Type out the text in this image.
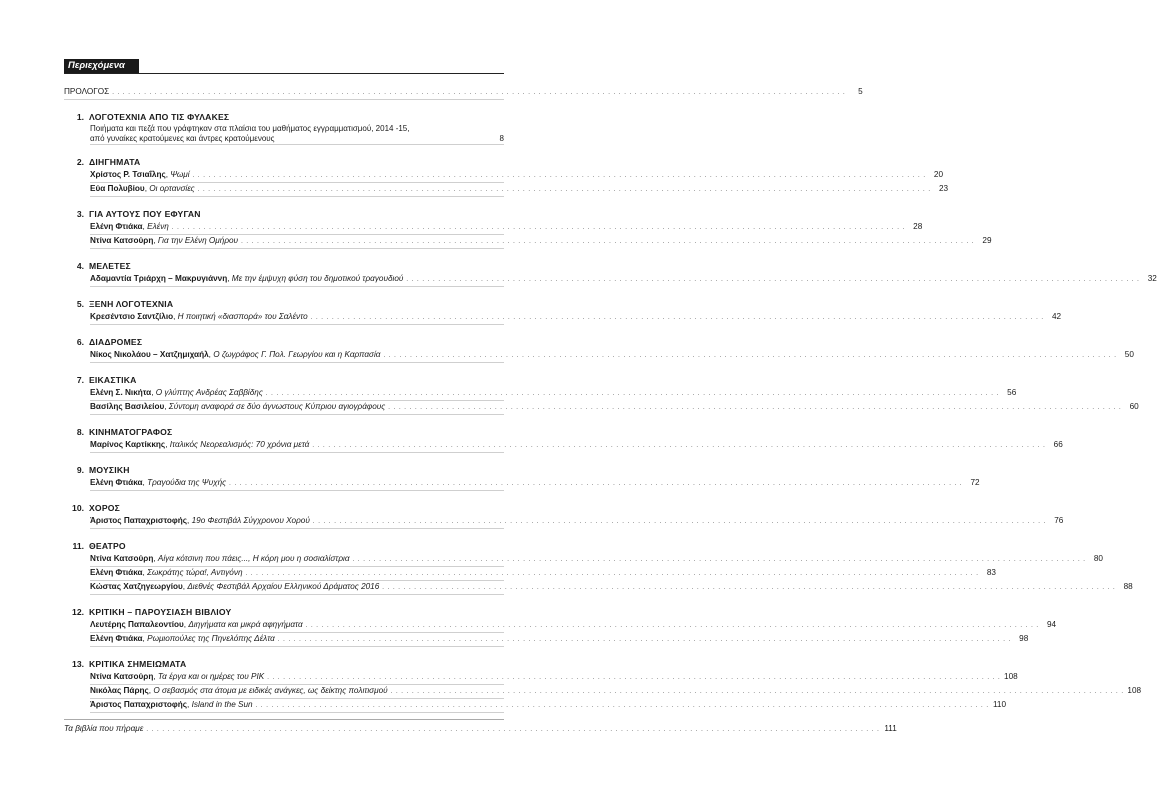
Περιεχόμενα
ΠΡΟΛΟΓΟΣ . . .	5
1. ΛΟΓΟΤΕΧΝΙΑ ΑΠΟ ΤΙΣ ΦΥΛΑΚΕΣ
Ποιήματα και πεζά που γράφτηκαν στα πλαίσια του μαθήματος εγγραμματισμού, 2014 -15,
από γυναίκες κρατούμενες και άντρες κρατούμενους	8
2. ΔΙΗΓΗΜΑΤΑ
Χρίστος Ρ. Τσιαΐλης, Ψωμί . . .	20
Εύα Πολυβίου, Οι ορτανσίες . . .	23
3. ΓΙΑ ΑΥΤΟΥΣ ΠΟΥ ΕΦΥΓΑΝ
Ελένη Φτιάκα, Ελένη . . .	28
Ντίνα Κατσούρη, Για την Ελένη Ομήρου . . .	29
4. ΜΕΛΕΤΕΣ
Αδαμαντία Τριάρχη – Μακρυγιάννη, Με την έμψυχη φύση του δημοτικού τραγουδιού . . .	32
5. ΞΕΝΗ ΛΟΓΟΤΕΧΝΙΑ
Κρεσέντσιο Σαντζίλιο, Η ποιητική «διασπορά» του Σαλέντο . . .	42
6. ΔΙΑΔΡΟΜΕΣ
Νίκος Νικολάου – Χατζημιχαήλ, Ο ζωγράφος Γ. Πολ. Γεωργίου και η Καρπασία . . .	50
7. ΕΙΚΑΣΤΙΚΑ
Ελένη Σ. Νικήτα, Ο γλύπτης Ανδρέας Σαββίδης . . .	56
Βασίλης Βασιλείου, Σύντομη αναφορά σε δύο άγνωστους Κύπριου αγιογράφους . . .	60
8. ΚΙΝΗΜΑΤΟΓΡΑΦΟΣ
Μαρίνος Καρτίκκης, Ιταλικός Νεορεαλισμός: 70 χρόνια μετά . . .	66
9. ΜΟΥΣΙΚΗ
Ελένη Φτιάκα, Τραγούδια της Ψυχής . . .	72
10. ΧΟΡΟΣ
Άριστος Παπαχριστοφής, 19ο Φεστιβάλ Σύγχρονου Χορού . . .	76
11. ΘΕΑΤΡΟ
Ντίνα Κατσούρη, Αίγα κότσινη που πάεις..., Η κόρη μου η σοσιαλίστρια . . .	80
Ελένη Φτιάκα, Σωκράτης τώρα!, Αντιγόνη . . .	83
Κώστας Χατζηγεωργίου, Διεθνές Φεστιβάλ Αρχαίου Ελληνικού Δράματος 2016 . . .	88
12. ΚΡΙΤΙΚΗ – ΠΑΡΟΥΣΙΑΣΗ ΒΙΒΛΙΟΥ
Λευτέρης Παπαλεοντίου, Διηγήματα και μικρά αφηγήματα . . .	94
Ελένη Φτιάκα, Ρωμιοπούλες της Πηνελόπης Δέλτα . . .	98
13. ΚΡΙΤΙΚΑ ΣΗΜΕΙΩΜΑΤΑ
Ντίνα Κατσούρη, Τα έργα και οι ημέρες του ΡΙΚ . . .	108
Νικόλας Πάρης, Ο σεβασμός στα άτομα με ειδικές ανάγκες, ως δείκτης πολιτισμού . . .	108
Άριστος Παπαχριστοφής, Island in the Sun . . .	110
Τα βιβλία που πήραμε . . .	111
